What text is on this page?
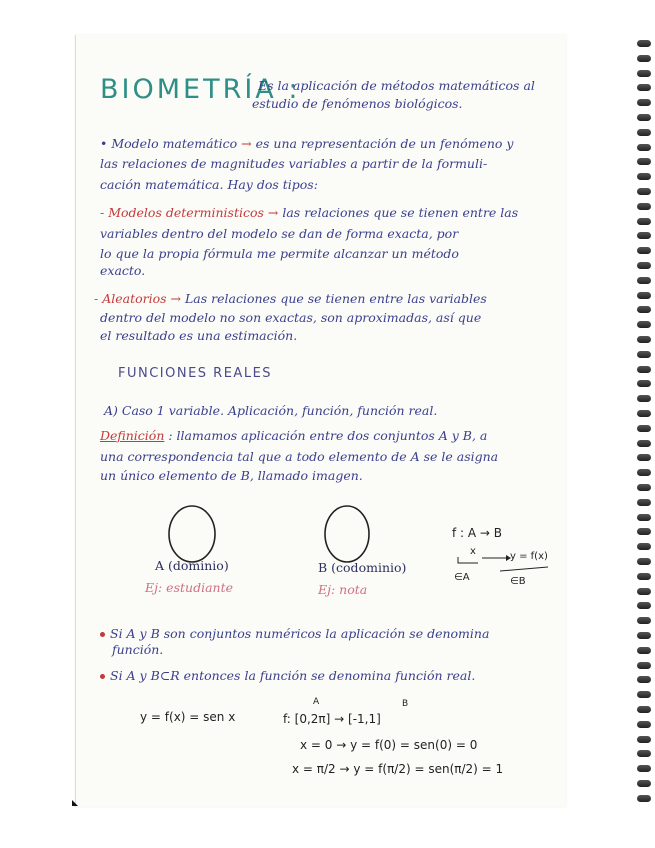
BIOMETRÍA :
Es la aplicación de métodos matemáticos al
estudio de fenómenos biológicos.
• Modelo matemático → es una representación de un fenómeno y
las relaciones de magnitudes variables a partir de la formuli-
cación matemática. Hay dos tipos:
- Modelos deterministicos → las relaciones que se tienen entre las
variables dentro del modelo se dan de forma exacta, por
lo que la propia fórmula me permite alcanzar un método
exacto.
- Aleatorios → Las relaciones que se tienen entre las variables
dentro del modelo no son exactas, son aproximadas, así que
el resultado es una estimación.
FUNCIONES REALES
A) Caso 1 variable. Aplicación, función, función real.
Definición : llamamos aplicación entre dos conjuntos A y B, a
una correspondencia tal que a todo elemento de A se le asigna
un único elemento de B, llamado imagen.
A (dominio)
Ej: estudiante
B (codominio)
Ej: nota
f : A → B
x	y = f(x)
∈A	∈B
Si A y B son conjuntos numéricos la aplicación se denomina
función.
Si A y B⊂R entonces la función se denomina función real.
A	B
y = f(x) = sen x	f: [0,2π] → [-1,1]
x = 0 → y = f(0) = sen(0) = 0
x = π/2 → y = f(π/2) = sen(π/2) = 1
